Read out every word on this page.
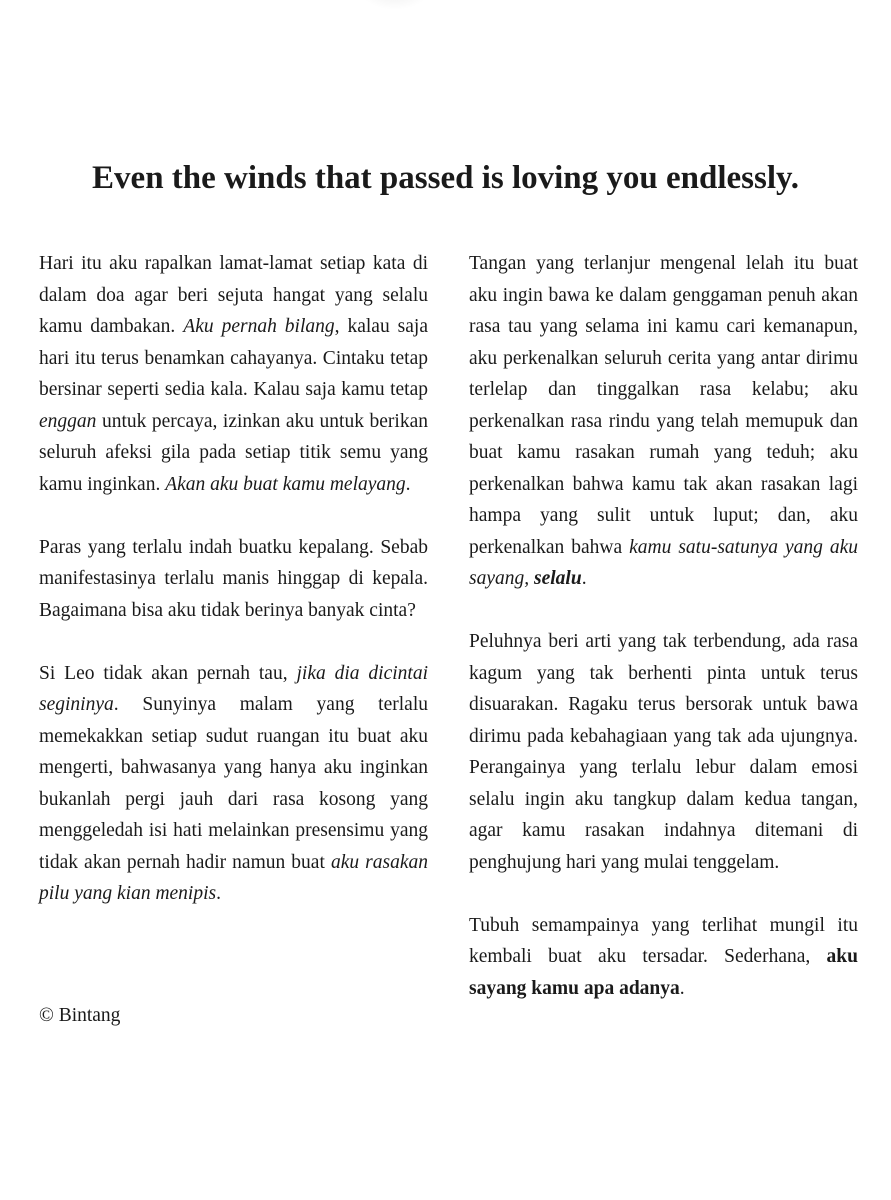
Even the winds that passed is loving you endlessly.

Hari itu aku rapalkan lamat-lamat setiap kata di dalam doa agar beri sejuta hangat yang selalu kamu dambakan. Aku pernah bilang, kalau saja hari itu terus benamkan cahayanya. Cintaku tetap bersinar seperti sedia kala. Kalau saja kamu tetap enggan untuk percaya, izinkan aku untuk berikan seluruh afeksi gila pada setiap titik semu yang kamu inginkan. Akan aku buat kamu melayang.

Paras yang terlalu indah buatku kepalang. Sebab manifestasinya terlalu manis hinggap di kepala. Bagaimana bisa aku tidak berinya banyak cinta?

Si Leo tidak akan pernah tau, jika dia dicintai segininya. Sunyinya malam yang terlalu memekakkan setiap sudut ruangan itu buat aku mengerti, bahwasanya yang hanya aku inginkan bukanlah pergi jauh dari rasa kosong yang menggeledah isi hati melainkan presensimu yang tidak akan pernah hadir namun buat aku rasakan pilu yang kian menipis.

Tangan yang terlanjur mengenal lelah itu buat aku ingin bawa ke dalam genggaman penuh akan rasa tau yang selama ini kamu cari kemanapun, aku perkenalkan seluruh cerita yang antar dirimu terlelap dan tinggalkan rasa kelabu; aku perkenalkan rasa rindu yang telah memupuk dan buat kamu rasakan rumah yang teduh; aku perkenalkan bahwa kamu tak akan rasakan lagi hampa yang sulit untuk luput; dan, aku perkenalkan bahwa kamu satu-satunya yang aku sayang, selalu.

Peluhnya beri arti yang tak terbendung, ada rasa kagum yang tak berhenti pinta untuk terus disuarakan. Ragaku terus bersorak untuk bawa dirimu pada kebahagiaan yang tak ada ujungnya. Perangainya yang terlalu lebur dalam emosi selalu ingin aku tangkup dalam kedua tangan, agar kamu rasakan indahnya ditemani di penghujung hari yang mulai tenggelam.

Tubuh semampainya yang terlihat mungil itu kembali buat aku tersadar. Sederhana, aku sayang kamu apa adanya.

© Bintang
